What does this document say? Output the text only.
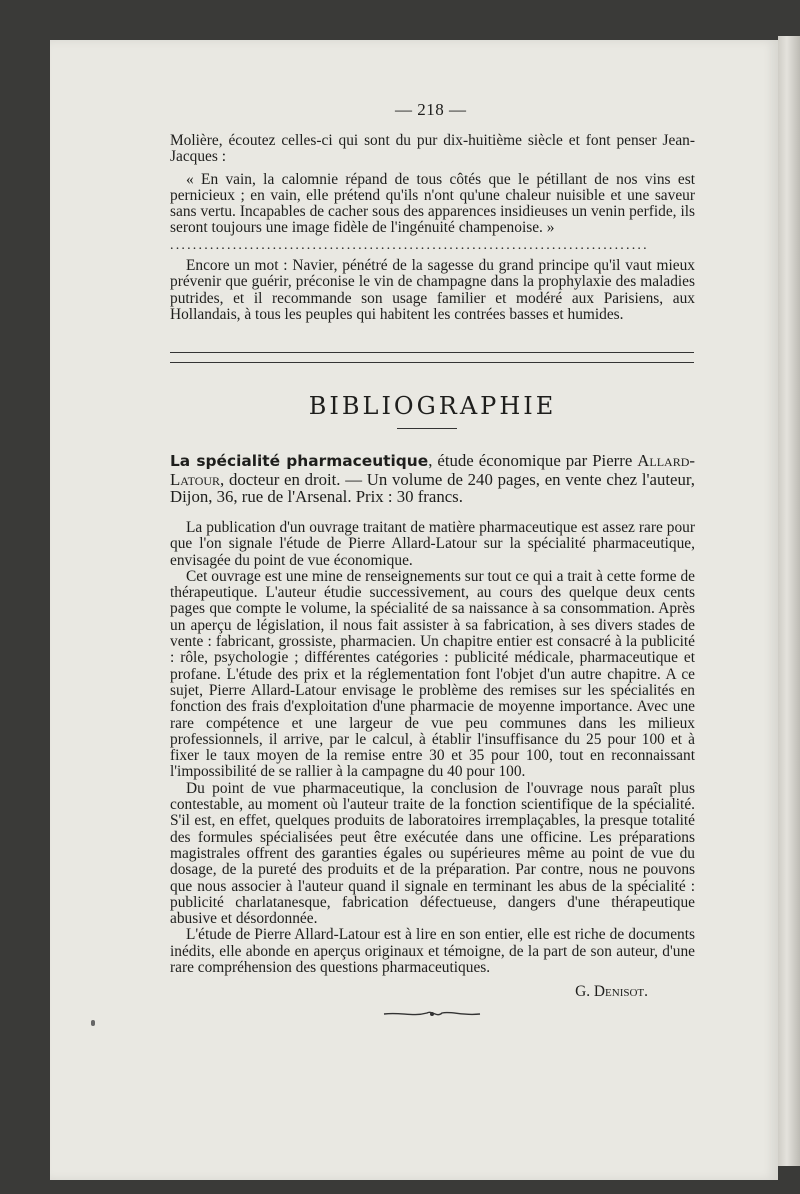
— 218 —

Molière, écoutez celles-ci qui sont du pur dix-huitième siècle et font penser Jean-Jacques :

« En vain, la calomnie répand de tous côtés que le pétillant de nos vins est pernicieux ; en vain, elle prétend qu'ils n'ont qu'une chaleur nuisible et une saveur sans vertu. Incapables de cacher sous des apparences insidieuses un venin perfide, ils seront toujours une image fidèle de l'ingénuité champenoise. »

....................................................................................

Encore un mot : Navier, pénétré de la sagesse du grand principe qu'il vaut mieux prévenir que guérir, préconise le vin de champagne dans la prophylaxie des maladies putrides, et il recommande son usage familier et modéré aux Parisiens, aux Hollandais, à tous les peuples qui habitent les contrées basses et humides.

BIBLIOGRAPHIE

La spécialité pharmaceutique, étude économique par Pierre Allard-Latour, docteur en droit. — Un volume de 240 pages, en vente chez l'auteur, Dijon, 36, rue de l'Arsenal. Prix : 30 francs.

La publication d'un ouvrage traitant de matière pharmaceutique est assez rare pour que l'on signale l'étude de Pierre Allard-Latour sur la spécialité pharmaceutique, envisagée du point de vue économique.

Cet ouvrage est une mine de renseignements sur tout ce qui a trait à cette forme de thérapeutique. L'auteur étudie successivement, au cours des quelque deux cents pages que compte le volume, la spécialité de sa naissance à sa consommation. Après un aperçu de législation, il nous fait assister à sa fabrication, à ses divers stades de vente : fabricant, grossiste, pharmacien. Un chapitre entier est consacré à la publicité : rôle, psychologie ; différentes catégories : publicité médicale, pharmaceutique et profane. L'étude des prix et la réglementation font l'objet d'un autre chapitre. A ce sujet, Pierre Allard-Latour envisage le problème des remises sur les spécialités en fonction des frais d'exploitation d'une pharmacie de moyenne importance. Avec une rare compétence et une largeur de vue peu communes dans les milieux professionnels, il arrive, par le calcul, à établir l'insuffisance du 25 pour 100 et à fixer le taux moyen de la remise entre 30 et 35 pour 100, tout en reconnaissant l'impossibilité de se rallier à la campagne du 40 pour 100.

Du point de vue pharmaceutique, la conclusion de l'ouvrage nous paraît plus contestable, au moment où l'auteur traite de la fonction scientifique de la spécialité. S'il est, en effet, quelques produits de laboratoires irremplaçables, la presque totalité des formules spécialisées peut être exécutée dans une officine. Les préparations magistrales offrent des garanties égales ou supérieures même au point de vue du dosage, de la pureté des produits et de la préparation. Par contre, nous ne pouvons que nous associer à l'auteur quand il signale en terminant les abus de la spécialité : publicité charlatanesque, fabrication défectueuse, dangers d'une thérapeutique abusive et désordonnée.

L'étude de Pierre Allard-Latour est à lire en son entier, elle est riche de documents inédits, elle abonde en aperçus originaux et témoigne, de la part de son auteur, d'une rare compréhension des questions pharmaceutiques.

G. Denisot.
